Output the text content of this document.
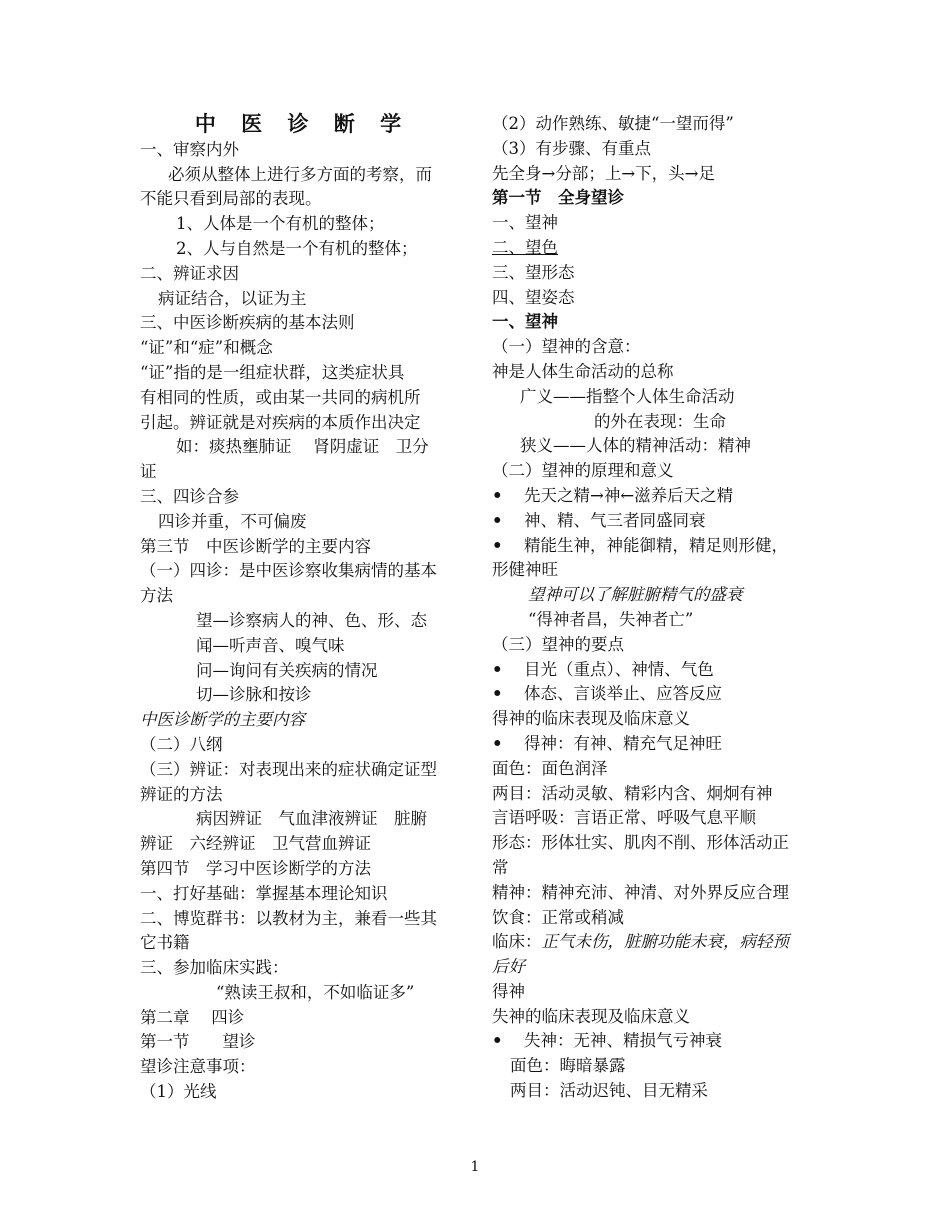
中 医 诊 断 学
一、审察内外
必须从整体上进行多方面的考察，而
不能只看到局部的表现。
1、人体是一个有机的整体；
2、人与自然是一个有机的整体；
二、辨证求因
病证结合，以证为主
三、中医诊断疾病的基本法则
“证”和“症”和概念
“证”指的是一组症状群，这类症状具
有相同的性质，或由某一共同的病机所
引起。辨证就是对疾病的本质作出决定
如：痰热壅肺证　 肾阴虚证　卫分
证
三、四诊合参
四诊并重，不可偏废
第三节　中医诊断学的主要内容
（一）四诊：是中医诊察收集病情的基本
方法
望—诊察病人的神、色、形、态
闻—听声音、嗅气味
问—询问有关疾病的情况
切—诊脉和按诊
中医诊断学的主要内容
（二）八纲
（三）辨证：对表现出来的症状确定证型
辨证的方法
病因辨证　气血津液辨证　脏腑
辨证　六经辨证　卫气营血辨证
第四节　学习中医诊断学的方法
一、打好基础：掌握基本理论知识
二、博览群书：以教材为主，兼看一些其
它书籍
三、参加临床实践：
“熟读王叔和，不如临证多”
第二章　 四诊
第一节　　望诊
望诊注意事项：
（1）光线
（2）动作熟练、敏捷“一望而得”
（3）有步骤、有重点
先全身→分部；上→下，头→足
第一节　全身望诊
一、望神
二、望色
三、望形态
四、望姿态
一、望神
（一）望神的含意：
神是人体生命活动的总称
广义——指整个人体生命活动
的外在表现：生命
狭义——人体的精神活动：精神
（二）望神的原理和意义
• 先天之精→神←滋养后天之精
• 神、精、气三者同盛同衰
• 精能生神，神能御精，精足则形健，
形健神旺
望神可以了解脏腑精气的盛衰
“得神者昌，失神者亡”
（三）望神的要点
• 目光（重点）、神情、气色
• 体态、言谈举止、应答反应
得神的临床表现及临床意义
• 得神：有神、精充气足神旺
面色：面色润泽
两目：活动灵敏、精彩内含、炯炯有神
言语呼吸：言语正常、呼吸气息平顺
形态：形体壮实、肌肉不削、形体活动正
常
精神：精神充沛、神清、对外界反应合理
饮食：正常或稍减
临床：正气未伤，脏腑功能未衰，病轻预
后好
得神
失神的临床表现及临床意义
• 失神：无神、精损气亏神衰
面色：晦暗暴露
两目：活动迟钝、目无精采
1
